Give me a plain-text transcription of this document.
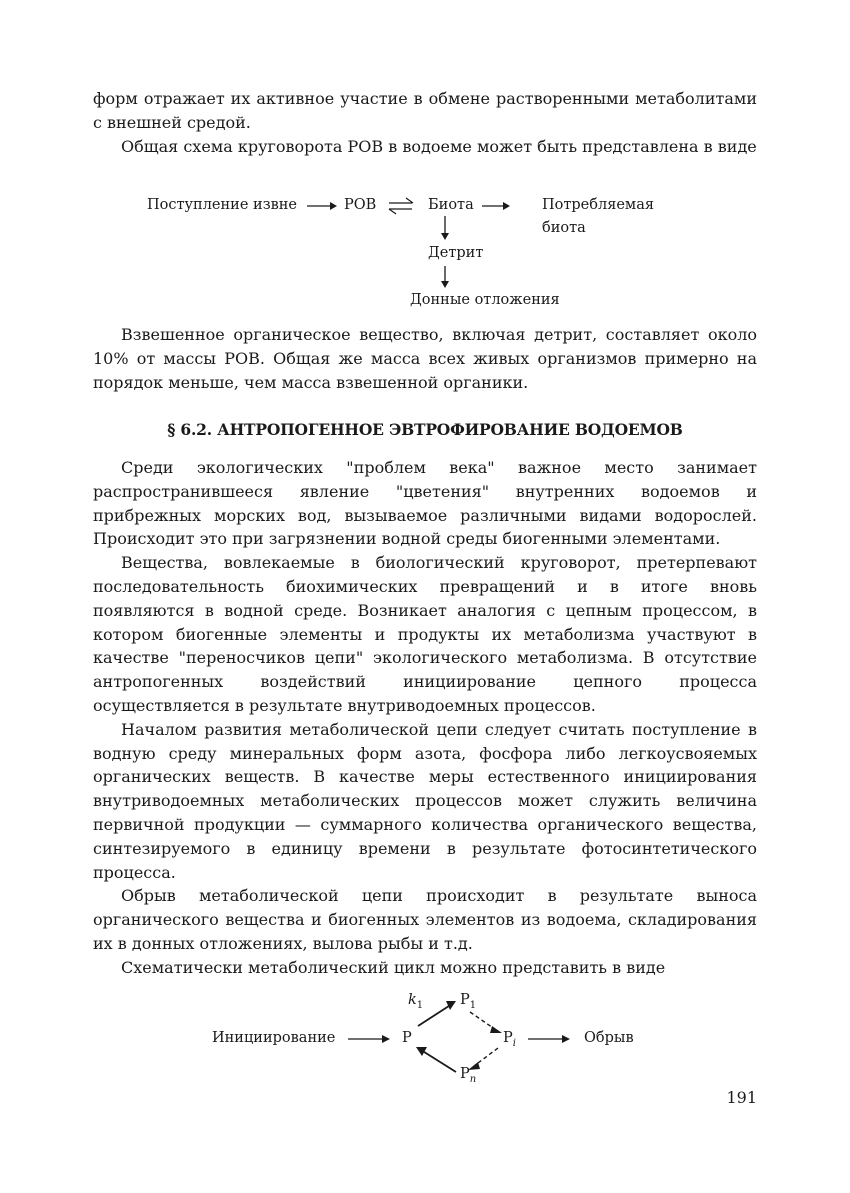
форм отражает их активное участие в обмене растворенными метаболитами с внешней средой.

Общая схема круговорота РОВ в водоеме может быть представлена в виде

Поступление извне	РОВ	Биота	Потребляемая
биота
Детрит
Донные отложения

Взвешенное органическое вещество, включая детрит, составляет около 10% от массы РОВ. Общая же масса всех живых организмов примерно на порядок меньше, чем масса взвешенной органики.

§ 6.2. АНТРОПОГЕННОЕ ЭВТРОФИРОВАНИЕ ВОДОЕМОВ

Среди экологических "проблем века" важное место занимает распространившееся явление "цветения" внутренних водоемов и прибрежных морских вод, вызываемое различными видами водорослей. Происходит это при загрязнении водной среды биогенными элементами.

Вещества, вовлекаемые в биологический круговорот, претерпевают последовательность биохимических превращений и в итоге вновь появляются в водной среде. Возникает аналогия с цепным процессом, в котором биогенные элементы и продукты их метаболизма участвуют в качестве "переносчиков цепи" экологического метаболизма. В отсутствие антропогенных воздействий инициирование цепного процесса осуществляется в результате внутриводоемных процессов.

Началом развития метаболической цепи следует считать поступление в водную среду минеральных форм азота, фосфора либо легкоусвояемых органических веществ. В качестве меры естественного инициирования внутриводоемных метаболических процессов может служить величина первичной продукции — суммарного количества органического вещества, синтезируемого в единицу времени в результате фотосинтетического процесса.

Обрыв метаболической цепи происходит в результате выноса органического вещества и биогенных элементов из водоема, складирования их в донных отложениях, вылова рыбы и т.д.

Схематически метаболический цикл можно представить в виде

Инициирование	P
$k_1$	$P_1$
$P_i$
$P_n$
Обрыв
191
